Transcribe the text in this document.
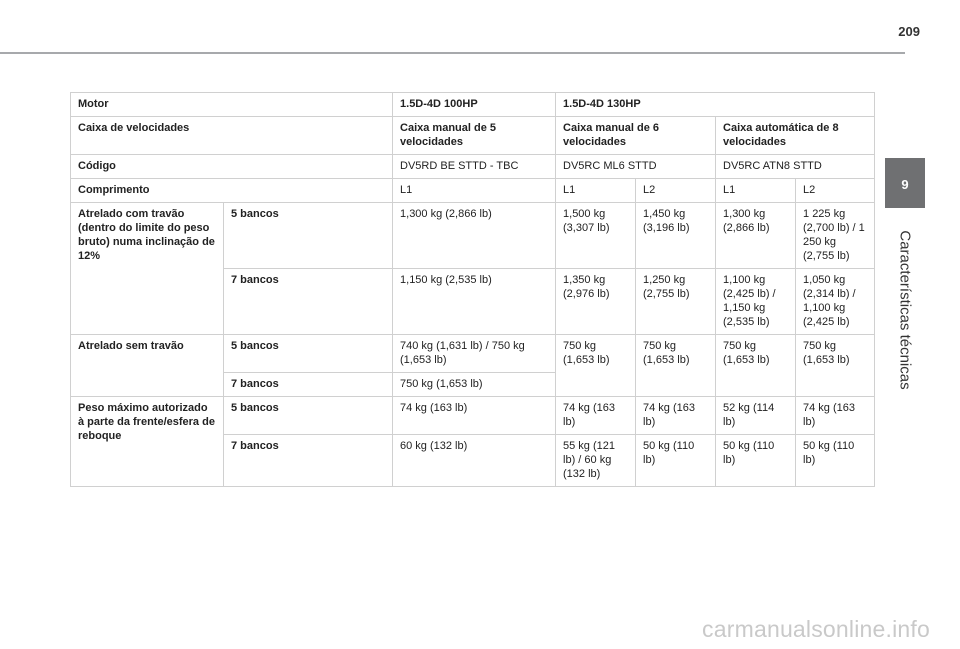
209
9
Características técnicas
Motor		1.5D-4D 100HP	1.5D-4D 130HP			
Caixa de velocidades		Caixa manual de 5 velocidades	Caixa manual de 6 velocidades		Caixa automática de 8 velocidades	
Código		DV5RD BE STTD - TBC	DV5RC ML6 STTD		DV5RC ATN8 STTD	
Comprimento		L1	L1	L2	L1	L2
Atrelado com travão (dentro do limite do peso bruto) numa inclinação de 12%	5 bancos	1,300 kg (2,866 lb)	1,500 kg (3,307 lb)	1,450 kg (3,196 lb)	1,300 kg (2,866 lb)	1 225 kg (2,700 lb) / 1 250 kg (2,755 lb)
	7 bancos	1,150 kg (2,535 lb)	1,350 kg (2,976 lb)	1,250 kg (2,755 lb)	1,100 kg (2,425 lb) / 1,150 kg (2,535 lb)	1,050 kg (2,314 lb) / 1,100 kg (2,425 lb)
Atrelado sem travão	5 bancos	740 kg (1,631 lb) / 750 kg (1,653 lb)	750 kg (1,653 lb)	750 kg (1,653 lb)	750 kg (1,653 lb)	750 kg (1,653 lb)
	7 bancos	750 kg (1,653 lb)				
Peso máximo autorizado à parte da frente/esfera de reboque	5 bancos	74 kg (163 lb)	74 kg (163 lb)	74 kg (163 lb)	52 kg (114 lb)	74 kg (163 lb)
	7 bancos	60 kg (132 lb)	55 kg (121 lb) / 60 kg (132 lb)	50 kg (110 lb)	50 kg (110 lb)	50 kg (110 lb)
carmanualsonline.info
